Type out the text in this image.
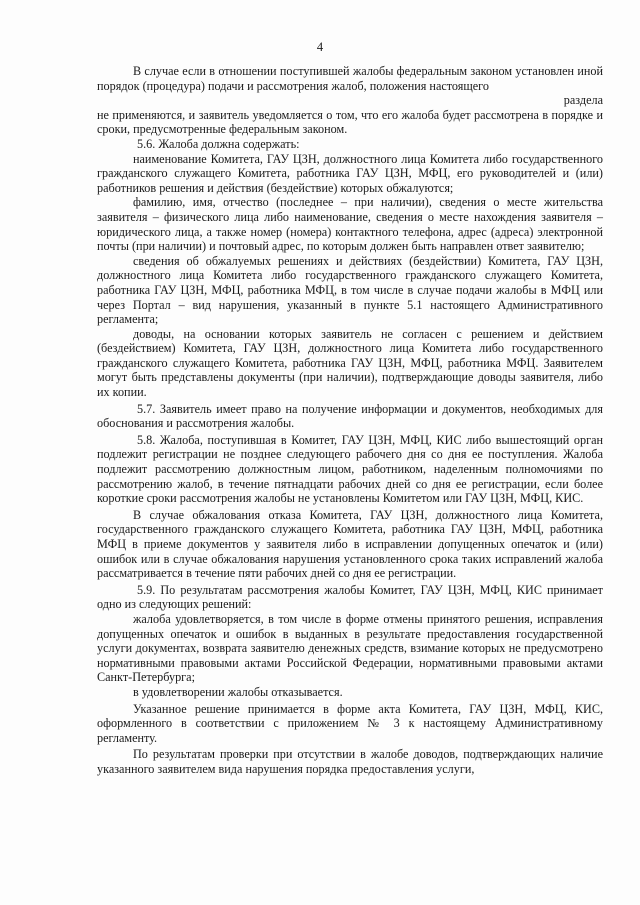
4

В случае если в отношении поступившей жалобы федеральным законом установлен иной порядок (процедура) подачи и рассмотрения жалоб, положения настоящего

раздела

не применяются, и заявитель уведомляется о том, что его жалоба будет рассмотрена в порядке и сроки, предусмотренные федеральным законом.

5.6. Жалоба должна содержать:

наименование Комитета, ГАУ ЦЗН, должностного лица Комитета либо государственного гражданского служащего Комитета, работника ГАУ ЦЗН, МФЦ, его руководителей и (или) работников решения и действия (бездействие) которых обжалуются;

фамилию, имя, отчество (последнее – при наличии), сведения о месте жительства заявителя – физического лица либо наименование, сведения о месте нахождения заявителя – юридического лица, а также номер (номера) контактного телефона, адрес (адреса) электронной почты (при наличии) и почтовый адрес, по которым должен быть направлен ответ заявителю;

сведения об обжалуемых решениях и действиях (бездействии) Комитета, ГАУ ЦЗН, должностного лица Комитета либо государственного гражданского служащего Комитета, работника ГАУ ЦЗН, МФЦ, работника МФЦ, в том числе в случае подачи жалобы в МФЦ или через Портал – вид нарушения, указанный в пункте 5.1 настоящего Административного регламента;

доводы, на основании которых заявитель не согласен с решением и действием (бездействием) Комитета, ГАУ ЦЗН, должностного лица Комитета либо государственного гражданского служащего Комитета, работника ГАУ ЦЗН, МФЦ, работника МФЦ. Заявителем могут быть представлены документы (при наличии), подтверждающие доводы заявителя, либо их копии.

5.7. Заявитель имеет право на получение информации и документов, необходимых для обоснования и рассмотрения жалобы.

5.8. Жалоба, поступившая в Комитет, ГАУ ЦЗН, МФЦ, КИС либо вышестоящий орган подлежит регистрации не позднее следующего рабочего дня со дня ее поступления. Жалоба подлежит рассмотрению должностным лицом, работником, наделенным полномочиями по рассмотрению жалоб, в течение пятнадцати рабочих дней со дня ее регистрации, если более короткие сроки рассмотрения жалобы не установлены Комитетом или ГАУ ЦЗН, МФЦ, КИС.

В случае обжалования отказа Комитета, ГАУ ЦЗН, должностного лица Комитета, государственного гражданского служащего Комитета, работника ГАУ ЦЗН, МФЦ, работника МФЦ в приеме документов у заявителя либо в исправлении допущенных опечаток и (или) ошибок или в случае обжалования нарушения установленного срока таких исправлений жалоба рассматривается в течение пяти рабочих дней со дня ее регистрации.

5.9. По результатам рассмотрения жалобы Комитет, ГАУ ЦЗН, МФЦ, КИС принимает одно из следующих решений:

жалоба удовлетворяется, в том числе в форме отмены принятого решения, исправления допущенных опечаток и ошибок в выданных в результате предоставления государственной услуги документах, возврата заявителю денежных средств, взимание которых не предусмотрено нормативными правовыми актами Российской Федерации, нормативными правовыми актами Санкт-Петербурга;

в удовлетворении жалобы отказывается.

Указанное решение принимается в форме акта Комитета, ГАУ ЦЗН, МФЦ, КИС, оформленного в соответствии с приложением № 3 к настоящему Административному регламенту.

По результатам проверки при отсутствии в жалобе доводов, подтверждающих наличие указанного заявителем вида нарушения порядка предоставления услуги,
